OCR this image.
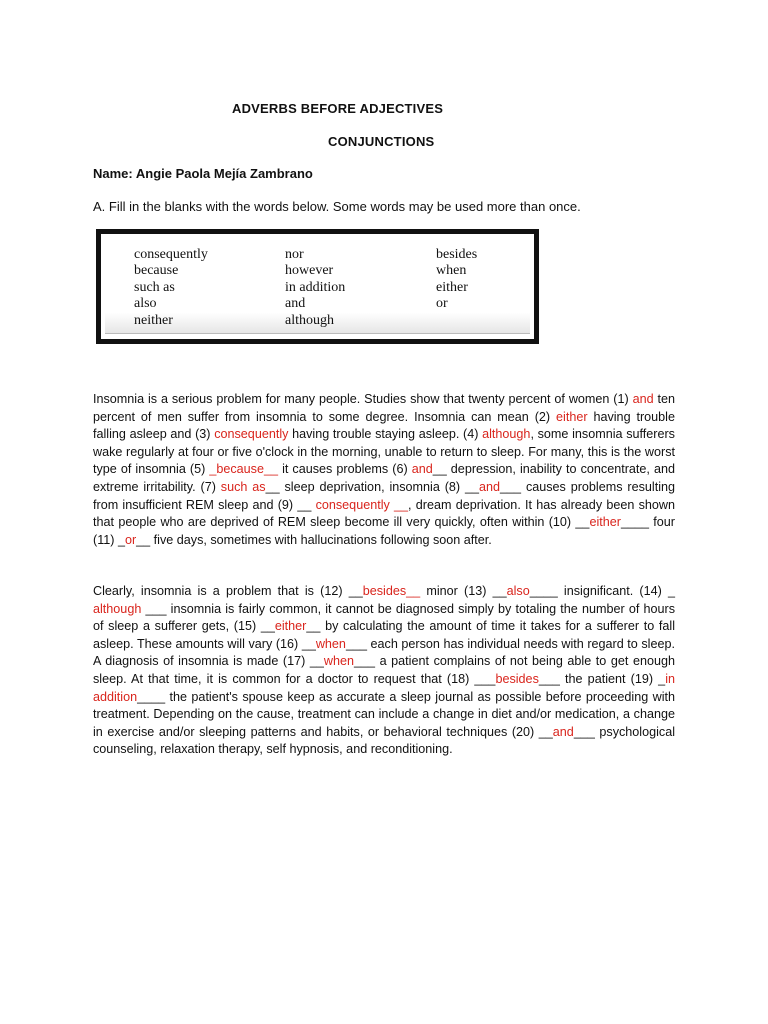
ADVERBS BEFORE ADJECTIVES
CONJUNCTIONS
Name: Angie Paola Mejía Zambrano
A. Fill in the blanks with the words below. Some words may be used more than once.
consequently
because
such as
also
neither
nor
however
in addition
and
although
besides
when
either
or

Insomnia is a serious problem for many people. Studies show that twenty percent of women (1) and ten percent of men suffer from insomnia to some degree. Insomnia can mean (2) either having trouble falling asleep and (3) consequently having trouble staying asleep. (4) although, some insomnia sufferers wake regularly at four or five o'clock in the morning, unable to return to sleep. For many, this is the worst type of insomnia (5) _because__ it causes problems (6) and__ depression, inability to concentrate, and extreme irritability. (7) such as__ sleep deprivation, insomnia (8) __and___ causes problems resulting from insufficient REM sleep and (9) __ consequently __, dream deprivation. It has already been shown that people who are deprived of REM sleep become ill very quickly, often within (10) __either____ four (11) _or__ five days, sometimes with hallucinations following soon after.

Clearly, insomnia is a problem that is (12) __besides__ minor (13) __also____ insignificant. (14) _ although ___ insomnia is fairly common, it cannot be diagnosed simply by totaling the number of hours of sleep a sufferer gets, (15) __either__ by calculating the amount of time it takes for a sufferer to fall asleep. These amounts will vary (16) __when___ each person has individual needs with regard to sleep. A diagnosis of insomnia is made (17) __when___ a patient complains of not being able to get enough sleep. At that time, it is common for a doctor to request that (18) ___besides___ the patient (19) _in addition____ the patient's spouse keep as accurate a sleep journal as possible before proceeding with treatment. Depending on the cause, treatment can include a change in diet and/or medication, a change in exercise and/or sleeping patterns and habits, or behavioral techniques (20) __and___ psychological counseling, relaxation therapy, self hypnosis, and reconditioning.
